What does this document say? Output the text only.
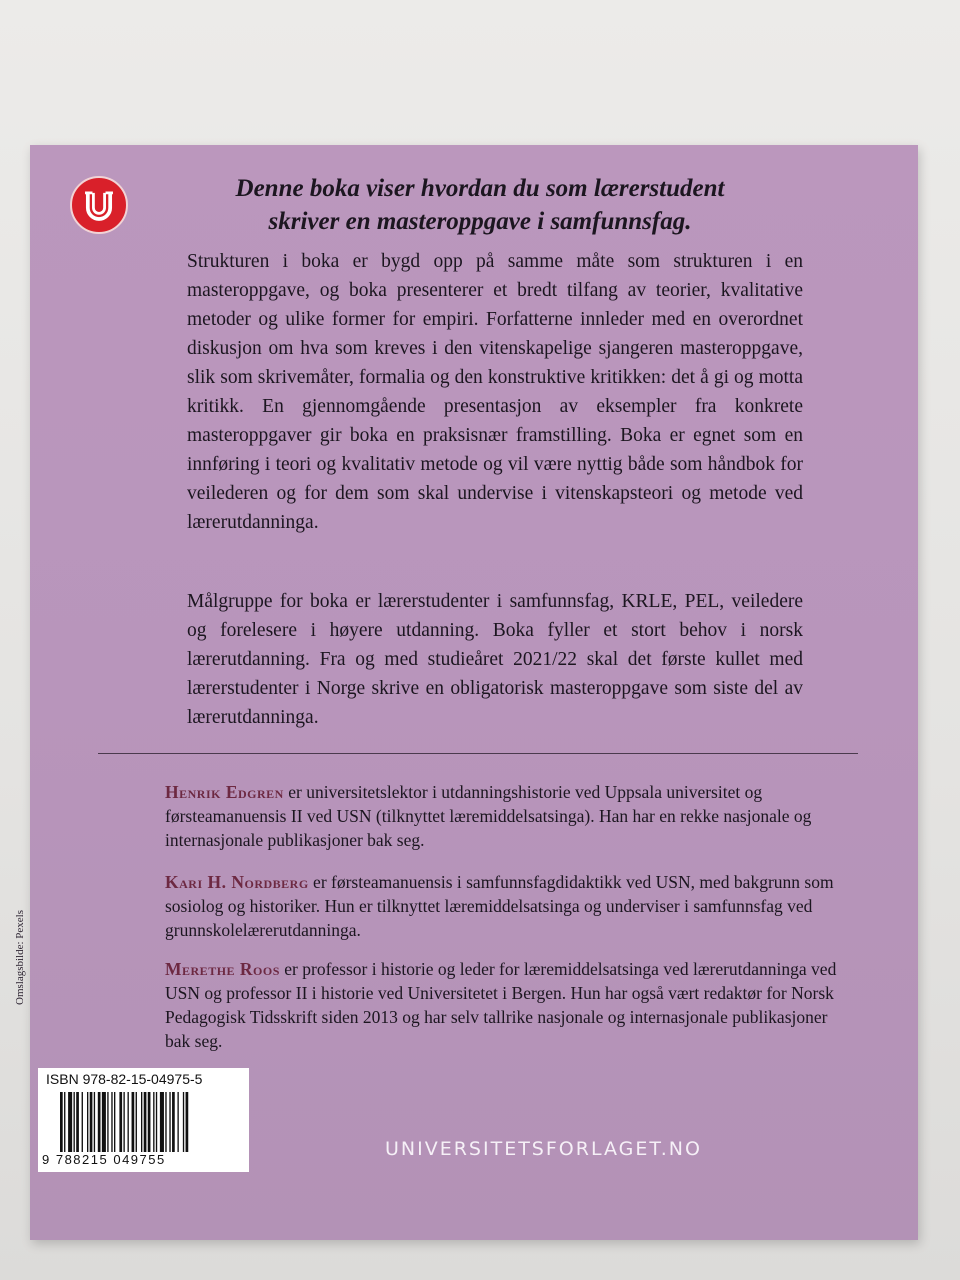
Denne boka viser hvordan du som lærerstudent
skriver en masteroppgave i samfunnsfag.

Strukturen i boka er bygd opp på samme måte som strukturen i en masteroppgave, og boka presenterer et bredt tilfang av teorier, kvalitative metoder og ulike former for empiri. Forfatterne innleder med en overordnet diskusjon om hva som kreves i den vitenskapelige sjangeren masteroppgave, slik som skrivemåter, formalia og den konstruktive kritikken: det å gi og motta kritikk. En gjennomgående presentasjon av eksempler fra konkrete masteroppgaver gir boka en praksisnær framstilling. Boka er egnet som en innføring i teori og kvalitativ metode og vil være nyttig både som håndbok for veilederen og for dem som skal undervise i vitenskapsteori og metode ved lærerutdanninga.

Målgruppe for boka er lærerstudenter i samfunnsfag, KRLE, PEL, veiledere og forelesere i høyere utdanning. Boka fyller et stort behov i norsk lærerutdanning. Fra og med studieåret 2021/22 skal det første kullet med lærerstudenter i Norge skrive en obligatorisk masteroppgave som siste del av lærerutdanninga.

Henrik Edgren er universitetslektor i utdanningshistorie ved Uppsala universitet og førsteamanuensis II ved USN (tilknyttet læremiddelsatsinga). Han har en rekke nasjonale og internasjonale publikasjoner bak seg.

Kari H. Nordberg er førsteamanuensis i samfunnsfagdidaktikk ved USN, med bakgrunn som sosiolog og historiker. Hun er tilknyttet læremiddelsatsinga og underviser i samfunnsfag ved grunnskolelærerutdanninga.

Merethe Roos er professor i historie og leder for læremiddelsatsinga ved lærerutdanninga ved USN og professor II i historie ved Universitetet i Bergen. Hun har også vært redaktør for Norsk Pedagogisk Tidsskrift siden 2013 og har selv tallrike nasjonale og internasjonale publikasjoner bak seg.

Omslagsbilde: Pexels
ISBN 978-82-15-04975-5
9 788215 049755	UNIVERSITETSFORLAGET.NO
